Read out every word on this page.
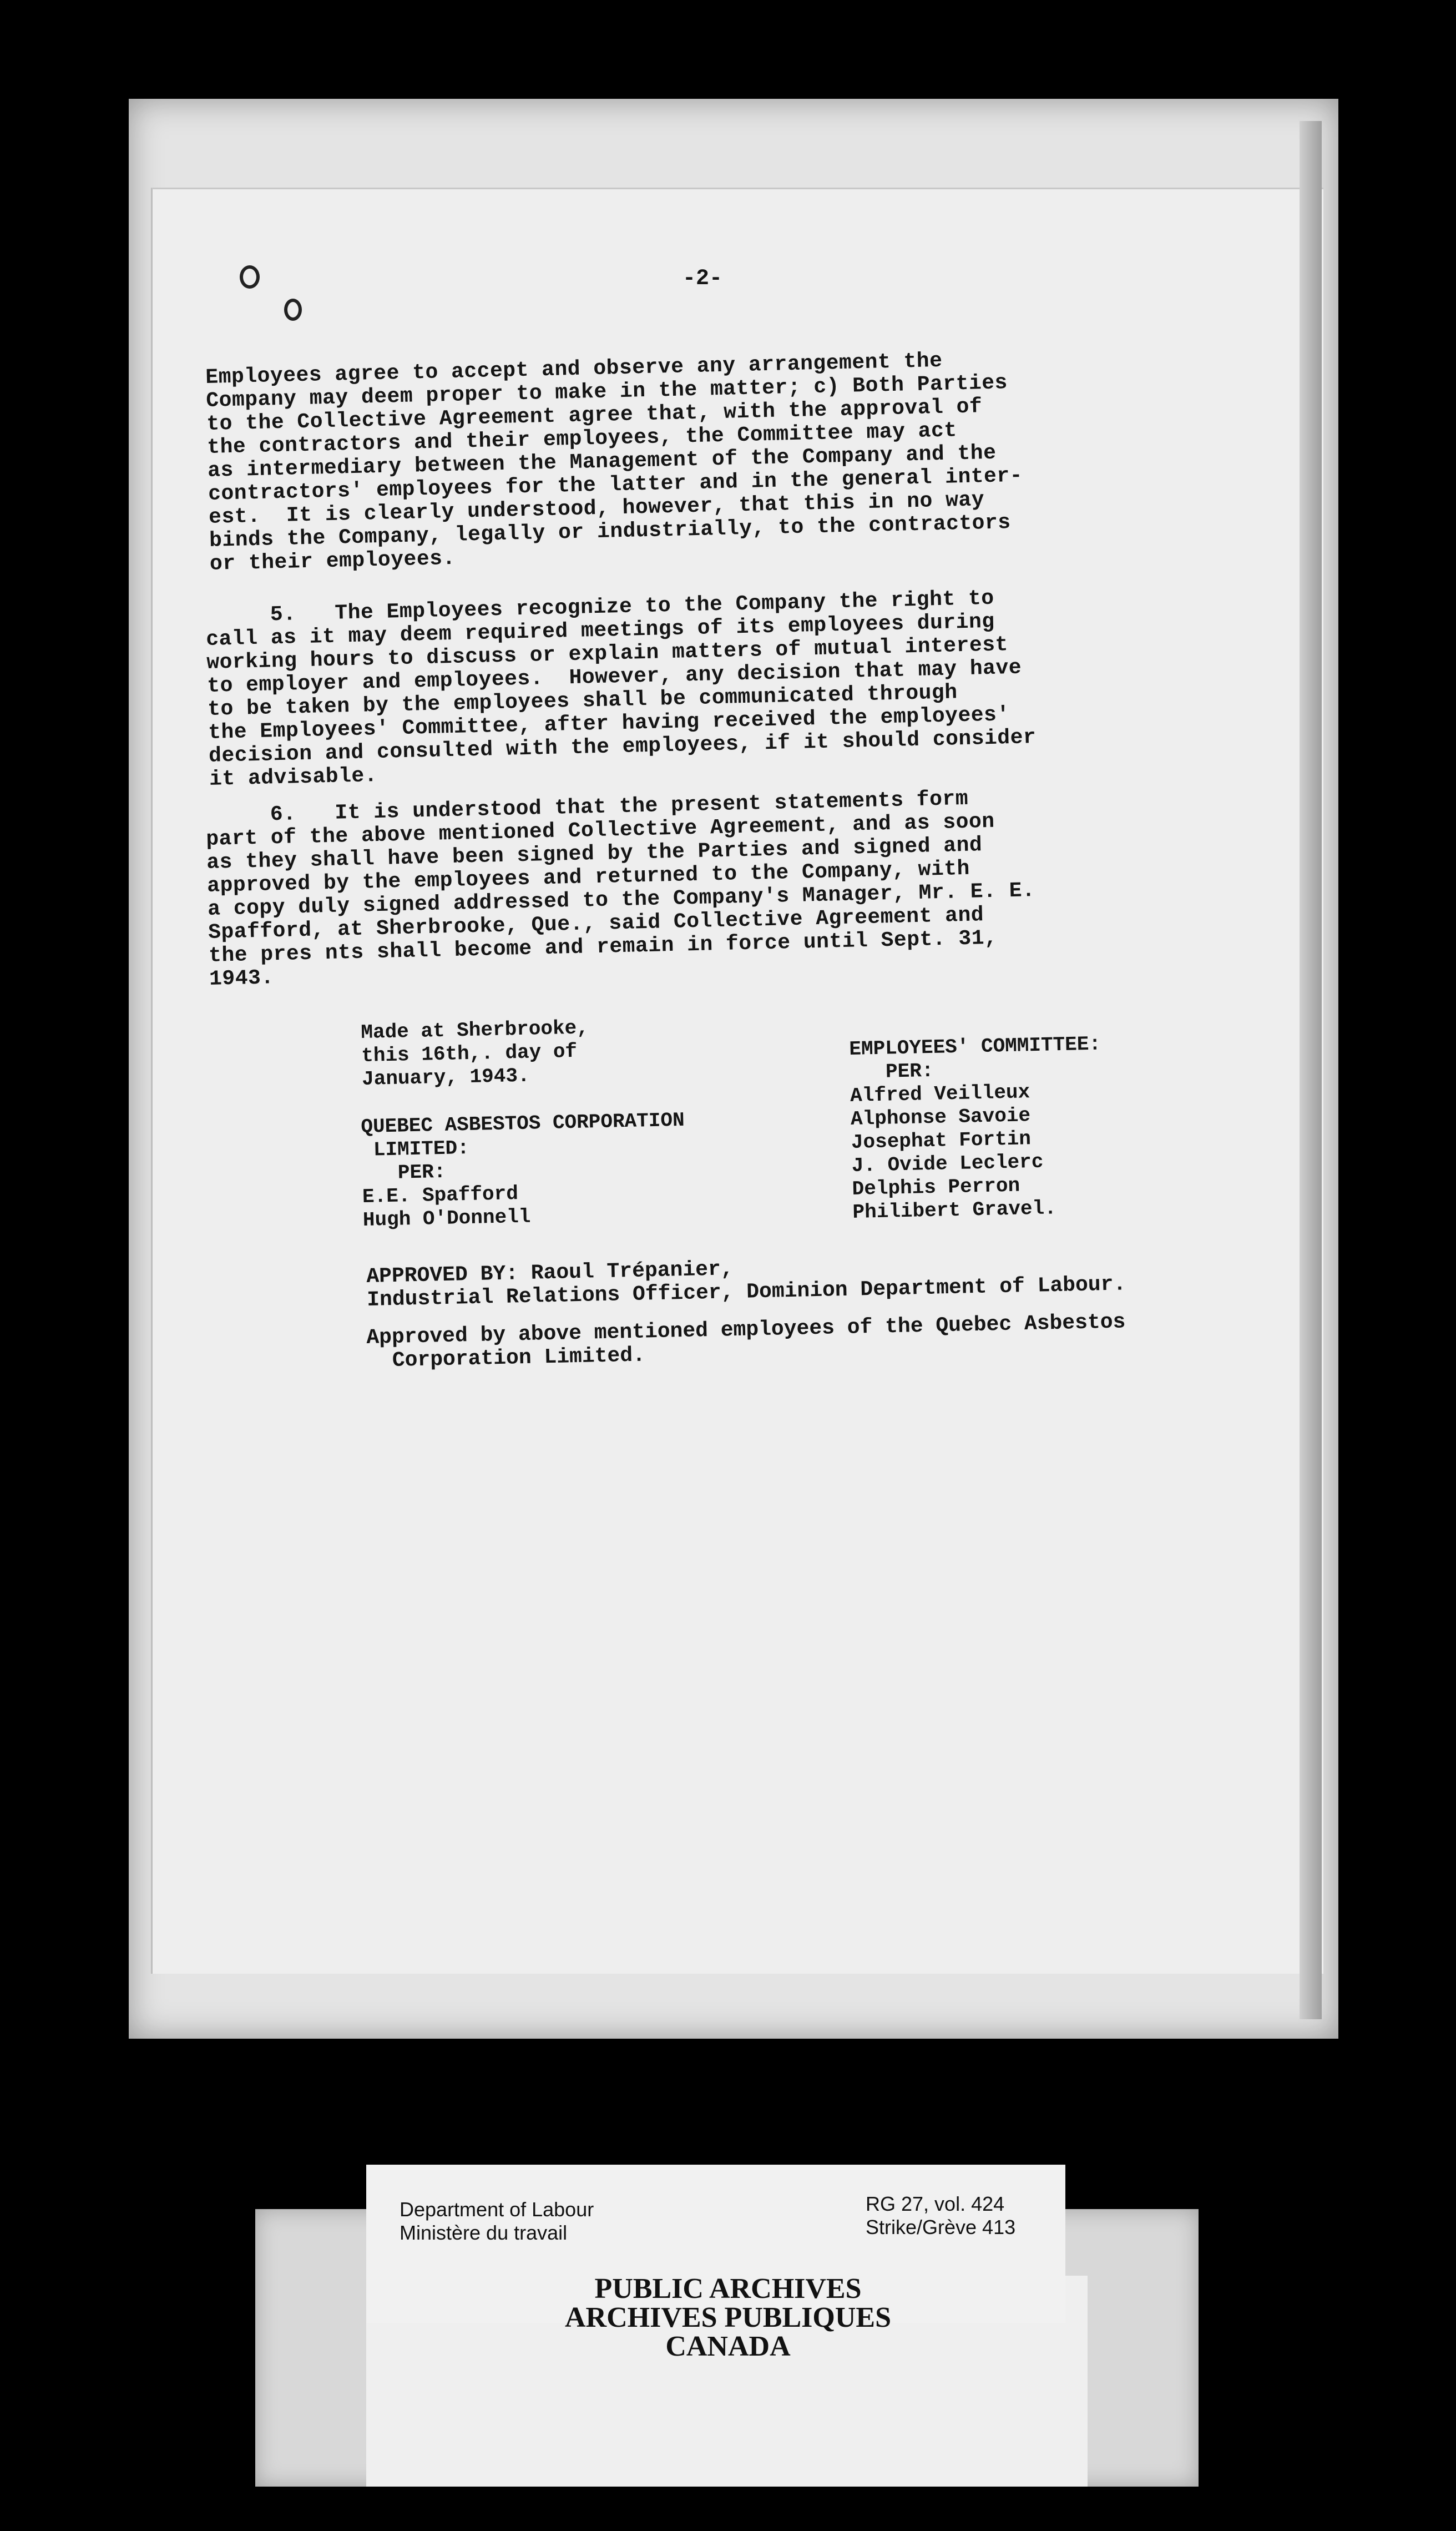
-2-

Employees agree to accept and observe any arrangement the
Company may deem proper to make in the matter; c) Both Parties
to the Collective Agreement agree that, with the approval of
the contractors and their employees, the Committee may act
as intermediary between the Management of the Company and the
contractors' employees for the latter and in the general inter-
est.  It is clearly understood, however, that this in no way
binds the Company, legally or industrially, to the contractors
or their employees.

5.   The Employees recognize to the Company the right to
call as it may deem required meetings of its employees during
working hours to discuss or explain matters of mutual interest
to employer and employees.  However, any decision that may have
to be taken by the employees shall be communicated through
the Employees' Committee, after having received the employees'
decision and consulted with the employees, if it should consider
it advisable.

6.   It is understood that the present statements form
part of the above mentioned Collective Agreement, and as soon
as they shall have been signed by the Parties and signed and
approved by the employees and returned to the Company, with
a copy duly signed addressed to the Company's Manager, Mr. E. E.
Spafford, at Sherbrooke, Que., said Collective Agreement and
the pres nts shall become and remain in force until Sept. 31,
1943.

Made at Sherbrooke,
this 16th,. day of
January, 1943.
QUEBEC ASBESTOS CORPORATION
LIMITED:
PER:
E.E. Spafford
Hugh O'Donnell
EMPLOYEES' COMMITTEE:
PER:
Alfred Veilleux
Alphonse Savoie
Josephat Fortin
J. Ovide Leclerc
Delphis Perron
Philibert Gravel.
APPROVED BY: Raoul Trépanier,
Industrial Relations Officer, Dominion Department of Labour.
Approved by above mentioned employees of the Quebec Asbestos
Corporation Limited.
Department of Labour
Ministère du travail
RG 27, vol. 424
Strike/Grève 413
PUBLIC ARCHIVES
ARCHIVES PUBLIQUES
CANADA
